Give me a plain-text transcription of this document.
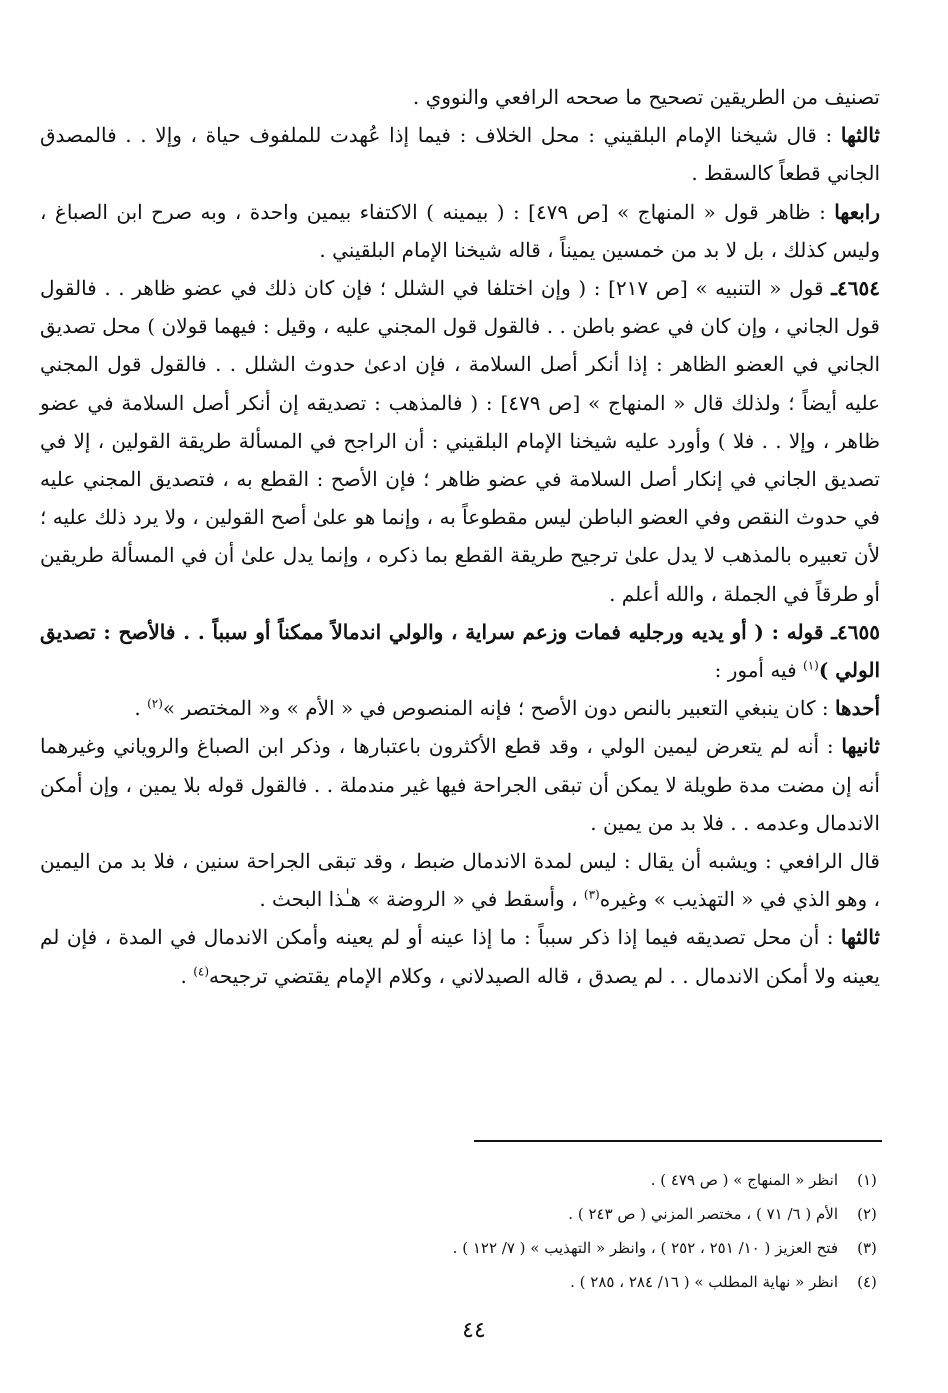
تصنيف من الطريقين تصحيح ما صححه الرافعي والنووي .

ثالثها : قال شيخنا الإمام البلقيني : محل الخلاف : فيما إذا عُهدت للملفوف حياة ، وإلا . . فالمصدق الجاني قطعاً كالسقط .

رابعها : ظاهر قول « المنهاج » [ص ٤٧٩] : ( بيمينه ) الاكتفاء بيمين واحدة ، وبه صرح ابن الصباغ ، وليس كذلك ، بل لا بد من خمسين يميناً ، قاله شيخنا الإمام البلقيني .

٤٦٥٤ـ قول « التنبيه » [ص ٢١٧] : ( وإن اختلفا في الشلل ؛ فإن كان ذلك في عضو ظاهر . . فالقول قول الجاني ، وإن كان في عضو باطن . . فالقول قول المجني عليه ، وقيل : فيهما قولان ) محل تصديق الجاني في العضو الظاهر : إذا أنكر أصل السلامة ، فإن ادعىٰ حدوث الشلل . . فالقول قول المجني عليه أيضاً ؛ ولذلك قال « المنهاج » [ص ٤٧٩] : ( فالمذهب : تصديقه إن أنكر أصل السلامة في عضو ظاهر ، وإلا . . فلا ) وأورد عليه شيخنا الإمام البلقيني : أن الراجح في المسألة طريقة القولين ، إلا في تصديق الجاني في إنكار أصل السلامة في عضو ظاهر ؛ فإن الأصح : القطع به ، فتصديق المجني عليه في حدوث النقص وفي العضو الباطن ليس مقطوعاً به ، وإنما هو علىٰ أصح القولين ، ولا يرد ذلك عليه ؛ لأن تعبيره بالمذهب لا يدل علىٰ ترجيح طريقة القطع بما ذكره ، وإنما يدل علىٰ أن في المسألة طريقين أو طرقاً في الجملة ، والله أعلم .

٤٦٥٥ـ قوله : ( أو يديه ورجليه فمات وزعم سراية ، والولي اندمالاً ممكناً أو سبباً . . فالأصح : تصديق الولي )$^{(١)}$ فيه أمور :

أحدها : كان ينبغي التعبير بالنص دون الأصح ؛ فإنه المنصوص في « الأم » و« المختصر »$^{(٢)}$ .

ثانيها : أنه لم يتعرض ليمين الولي ، وقد قطع الأكثرون باعتبارها ، وذكر ابن الصباغ والروياني وغيرهما أنه إن مضت مدة طويلة لا يمكن أن تبقى الجراحة فيها غير مندملة . . فالقول قوله بلا يمين ، وإن أمكن الاندمال وعدمه . . فلا بد من يمين .

قال الرافعي : ويشبه أن يقال : ليس لمدة الاندمال ضبط ، وقد تبقى الجراحة سنين ، فلا بد من اليمين ، وهو الذي في « التهذيب » وغيره$^{(٣)}$ ، وأسقط في « الروضة » هـٰذا البحث .

ثالثها : أن محل تصديقه فيما إذا ذكر سبباً : ما إذا عينه أو لم يعينه وأمكن الاندمال في المدة ، فإن لم يعينه ولا أمكن الاندمال . . لم يصدق ، قاله الصيدلاني ، وكلام الإمام يقتضي ترجيحه$^{(٤)}$ .

(١)
انظر « المنهاج » ( ص ٤٧٩ ) .
(٢)
الأم ( ٦/ ٧١ ) ، مختصر المزني ( ص ٢٤٣ ) .
(٣)
فتح العزيز ( ١٠/ ٢٥١ ، ٢٥٢ ) ، وانظر « التهذيب » ( ٧/ ١٢٢ ) .
(٤)
انظر « نهاية المطلب » ( ١٦/ ٢٨٤ ، ٢٨٥ ) .
٤٤
